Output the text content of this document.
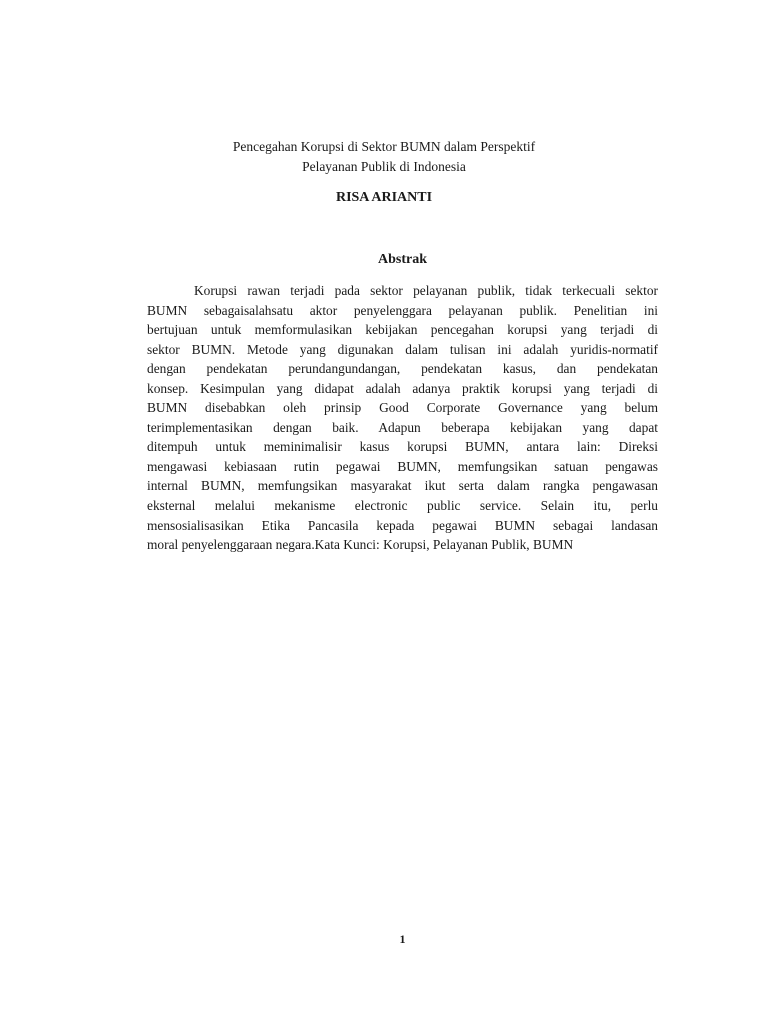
Pencegahan Korupsi di Sektor BUMN dalam Perspektif
Pelayanan Publik di Indonesia
RISA ARIANTI
Abstrak
Korupsi rawan terjadi pada sektor pelayanan publik, tidak terkecuali sektor
BUMN sebagaisalahsatu aktor penyelenggara pelayanan publik. Penelitian ini
bertujuan untuk memformulasikan kebijakan pencegahan korupsi yang terjadi di
sektor BUMN. Metode yang digunakan dalam tulisan ini adalah yuridis-normatif
dengan pendekatan perundangundangan, pendekatan kasus, dan pendekatan
konsep. Kesimpulan yang didapat adalah adanya praktik korupsi yang terjadi di
BUMN disebabkan oleh prinsip Good Corporate Governance yang belum
terimplementasikan dengan baik. Adapun beberapa kebijakan yang dapat
ditempuh untuk meminimalisir kasus korupsi BUMN, antara lain: Direksi
mengawasi kebiasaan rutin pegawai BUMN, memfungsikan satuan pengawas
internal BUMN, memfungsikan masyarakat ikut serta dalam rangka pengawasan
eksternal melalui mekanisme electronic public service. Selain itu, perlu
mensosialisasikan Etika Pancasila kepada pegawai BUMN sebagai landasan
moral penyelenggaraan negara.Kata Kunci: Korupsi, Pelayanan Publik, BUMN
1
